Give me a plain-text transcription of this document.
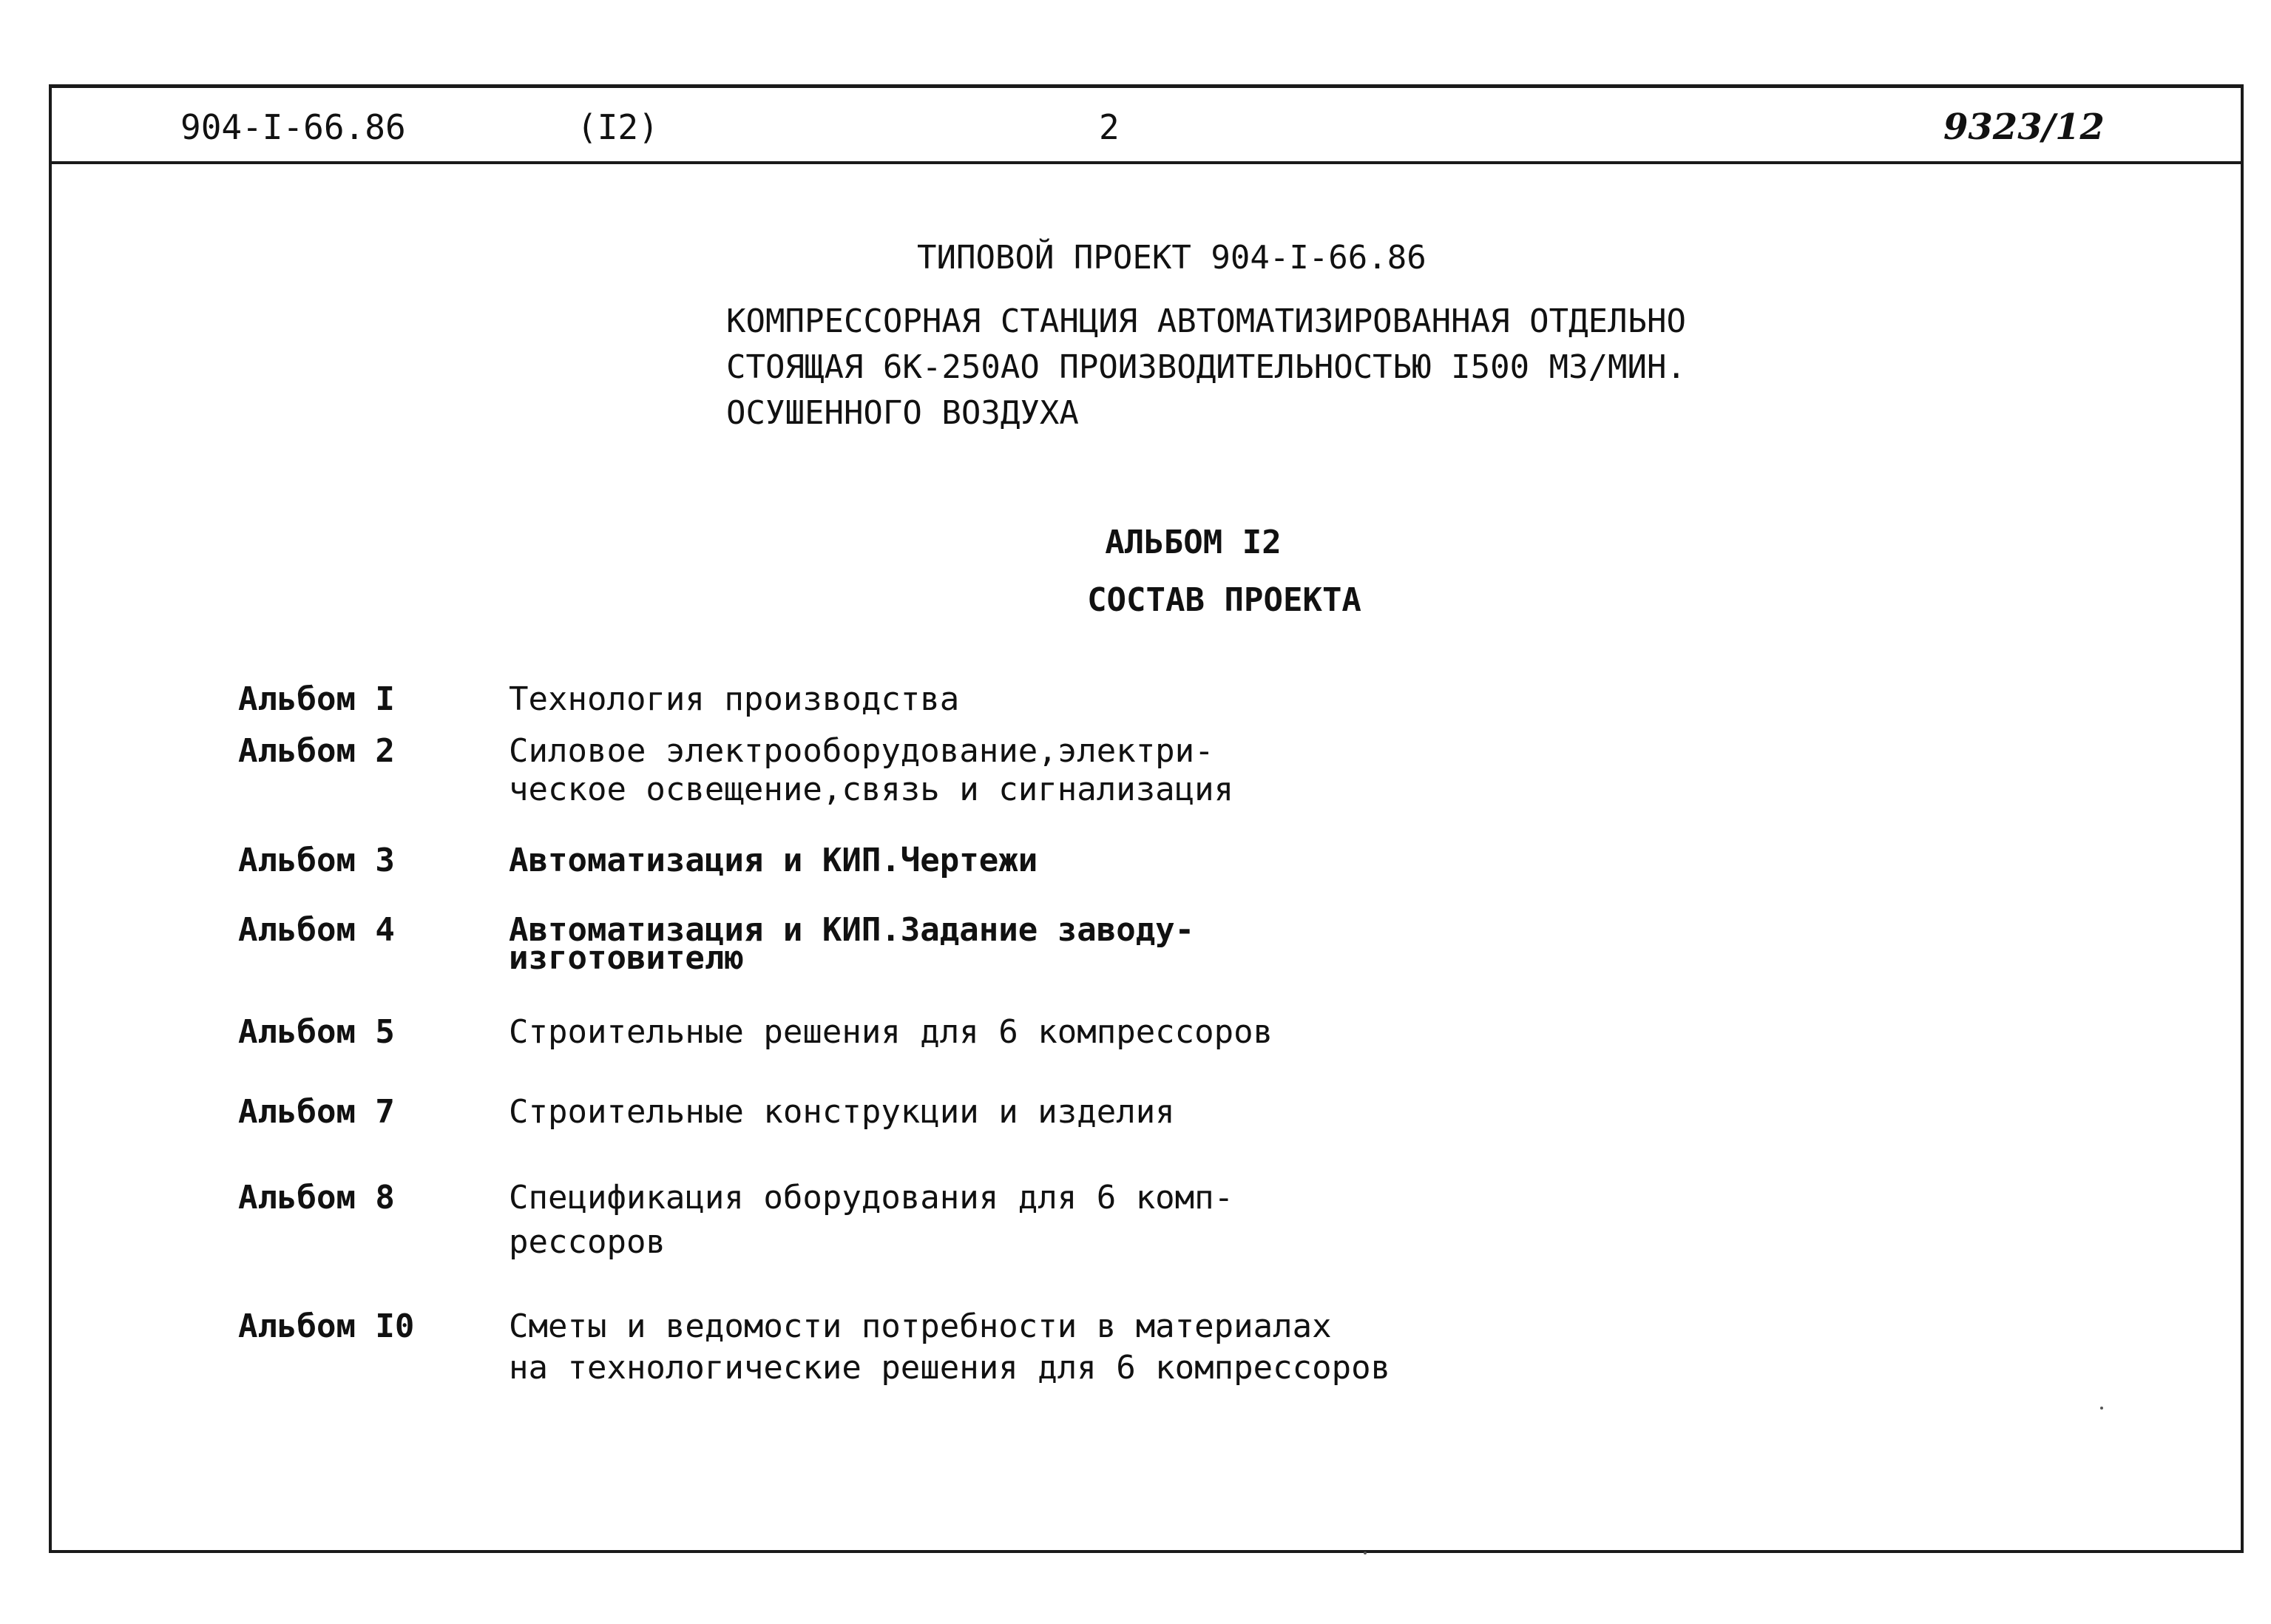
904-I-66.86	(I2)	2	9323/12
ТИПОВОЙ ПРОЕКТ 904-I-66.86
КОМПРЕССОРНАЯ СТАНЦИЯ АВТОМАТИЗИРОВАННАЯ ОТДЕЛЬНО
СТОЯЩАЯ 6К-250АО ПРОИЗВОДИТЕЛЬНОСТЬЮ I500 М3/МИН.
ОСУШЕННОГО ВОЗДУХА
АЛЬБОМ I2
СОСТАВ ПРОЕКТА
Альбом I	Технология производства
Альбом 2	Силовое электрооборудование,электри-
ческое освещение,связь и сигнализация
Альбом 3	Автоматизация и КИП.Чертежи
Альбом 4	Автоматизация и КИП.Задание заводу-
изготовителю
Альбом 5	Строительные решения для 6 компрессоров
Альбом 7	Строительные конструкции и изделия
Альбом 8	Спецификация оборудования для 6 комп-
рессоров
Альбом I0	Сметы и ведомости потребности в материалах
на технологические решения для 6 компрессоров
